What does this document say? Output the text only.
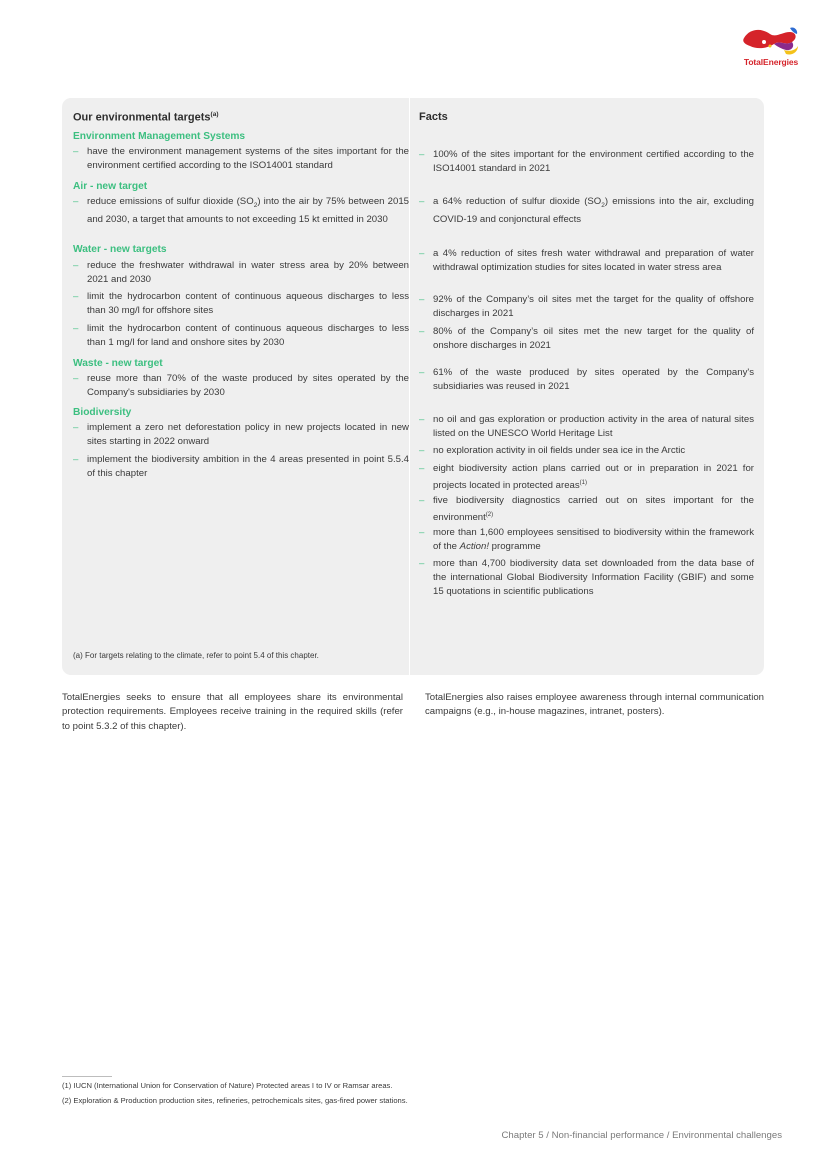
TotalEnergies
Our environmental targets$^{(a)}$	Facts
Environment Management Systems
– have the environment management systems of the sites important for the environment certified according to the ISO14001 standard
Air - new target
– reduce emissions of sulfur dioxide $(SO_2)$ into the air by 75% between 2015 and 2030, a target that amounts to not exceeding 15 kt emitted in 2030
Water - new targets
– reduce the freshwater withdrawal in water stress area by 20% between 2021 and 2030
– limit the hydrocarbon content of continuous aqueous discharges to less than 30 mg/l for offshore sites
– limit the hydrocarbon content of continuous aqueous discharges to less than 1 mg/l for land and onshore sites by 2030
Waste - new target
– reuse more than 70% of the waste produced by sites operated by the Company's subsidiaries by 2030
Biodiversity
– implement a zero net deforestation policy in new projects located in new sites starting in 2022 onward
– implement the biodiversity ambition in the 4 areas presented in point 5.5.4 of this chapter
– 100% of the sites important for the environment certified according to the ISO14001 standard in 2021
– a 64% reduction of sulfur dioxide $(SO_2)$ emissions into the air, excluding COVID-19 and conjonctural effects
– a 4% reduction of sites fresh water withdrawal and preparation of water withdrawal optimization studies for sites located in water stress area
– 92% of the Company’s oil sites met the target for the quality of offshore discharges in 2021
– 80% of the Company’s oil sites met the new target for the quality of onshore discharges in 2021
– 61% of the waste produced by sites operated by the Company's subsidiaries was reused in 2021
– no oil and gas exploration or production activity in the area of natural sites listed on the UNESCO World Heritage List
– no exploration activity in oil fields under sea ice in the Arctic
– eight biodiversity action plans carried out or in preparation in 2021 for projects located in protected areas$^{(1)}$
– five biodiversity diagnostics carried out on sites important for the environment$^{(2)}$
– more than 1,600 employees sensitised to biodiversity within the framework of the Action! programme
– more than 4,700 biodiversity data set downloaded from the data base of the international Global Biodiversity Information Facility (GBIF) and some 15 quotations in scientific publications
(a) For targets relating to the climate, refer to point 5.4 of this chapter.
TotalEnergies seeks to ensure that all employees share its environmental protection requirements. Employees receive training in the required skills (refer to point 5.3.2 of this chapter).
TotalEnergies also raises employee awareness through internal communication campaigns (e.g., in-house magazines, intranet, posters).
(1) IUCN (International Union for Conservation of Nature) Protected areas I to IV or Ramsar areas.
(2) Exploration & Production production sites, refineries, petrochemicals sites, gas-fired power stations.
Chapter 5 / Non-financial performance / Environmental challenges
